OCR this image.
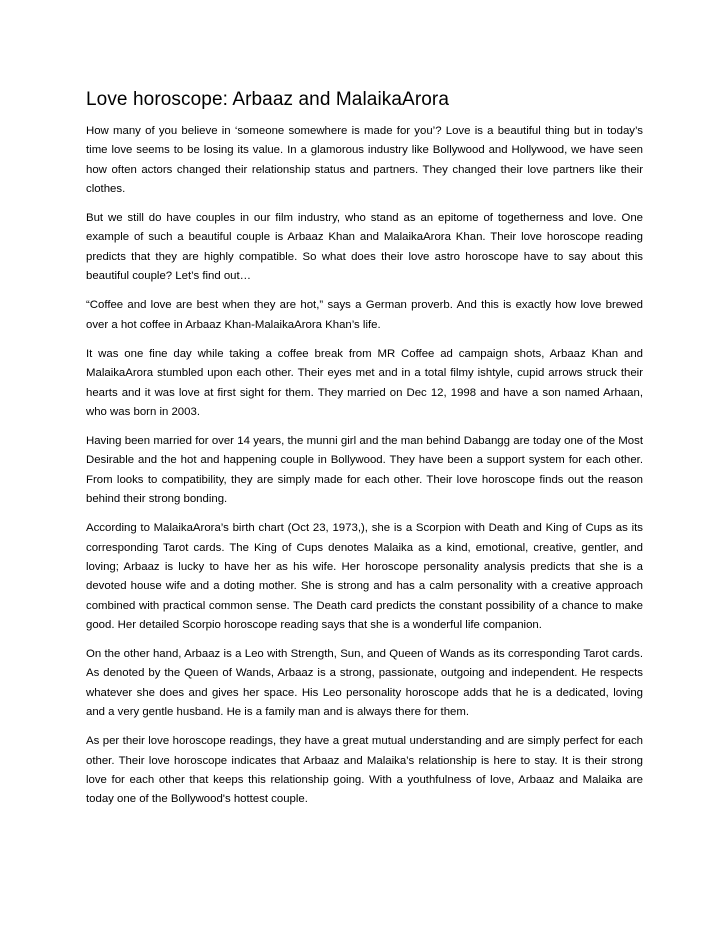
Love horoscope: Arbaaz and MalaikaArora

How many of you believe in ‘someone somewhere is made for you’? Love is a beautiful thing but in today’s time love seems to be losing its value. In a glamorous industry like Bollywood and Hollywood, we have seen how often actors changed their relationship status and partners. They changed their love partners like their clothes.

But we still do have couples in our film industry, who stand as an epitome of togetherness and love. One example of such a beautiful couple is Arbaaz Khan and MalaikaArora Khan. Their love horoscope reading predicts that they are highly compatible. So what does their love astro horoscope have to say about this beautiful couple? Let’s find out…

“Coffee and love are best when they are hot,” says a German proverb. And this is exactly how love brewed over a hot coffee in Arbaaz Khan-MalaikaArora Khan’s life.

It was one fine day while taking a coffee break from MR Coffee ad campaign shots, Arbaaz Khan and MalaikaArora stumbled upon each other. Their eyes met and in a total filmy ishtyle, cupid arrows struck their hearts and it was love at first sight for them. They married on Dec 12, 1998 and have a son named Arhaan, who was born in 2003.

Having been married for over 14 years, the munni girl and the man behind Dabangg are today one of the Most Desirable and the hot and happening couple in Bollywood. They have been a support system for each other. From looks to compatibility, they are simply made for each other. Their love horoscope finds out the reason behind their strong bonding.

According to MalaikaArora’s birth chart (Oct 23, 1973,), she is a Scorpion with Death and King of Cups as its corresponding Tarot cards. The King of Cups denotes Malaika as a kind, emotional, creative, gentler, and loving; Arbaaz is lucky to have her as his wife. Her horoscope personality analysis predicts that she is a devoted house wife and a doting mother. She is strong and has a calm personality with a creative approach combined with practical common sense. The Death card predicts the constant possibility of a chance to make good. Her detailed Scorpio horoscope reading says that she is a wonderful life companion.

On the other hand, Arbaaz is a Leo with Strength, Sun, and Queen of Wands as its corresponding Tarot cards. As denoted by the Queen of Wands, Arbaaz is a strong, passionate, outgoing and independent. He respects whatever she does and gives her space. His Leo personality horoscope adds that he is a dedicated, loving and a very gentle husband. He is a family man and is always there for them.

As per their love horoscope readings, they have a great mutual understanding and are simply perfect for each other. Their love horoscope indicates that Arbaaz and Malaika’s relationship is here to stay. It is their strong love for each other that keeps this relationship going. With a youthfulness of love, Arbaaz and Malaika are today one of the Bollywood's hottest couple.
